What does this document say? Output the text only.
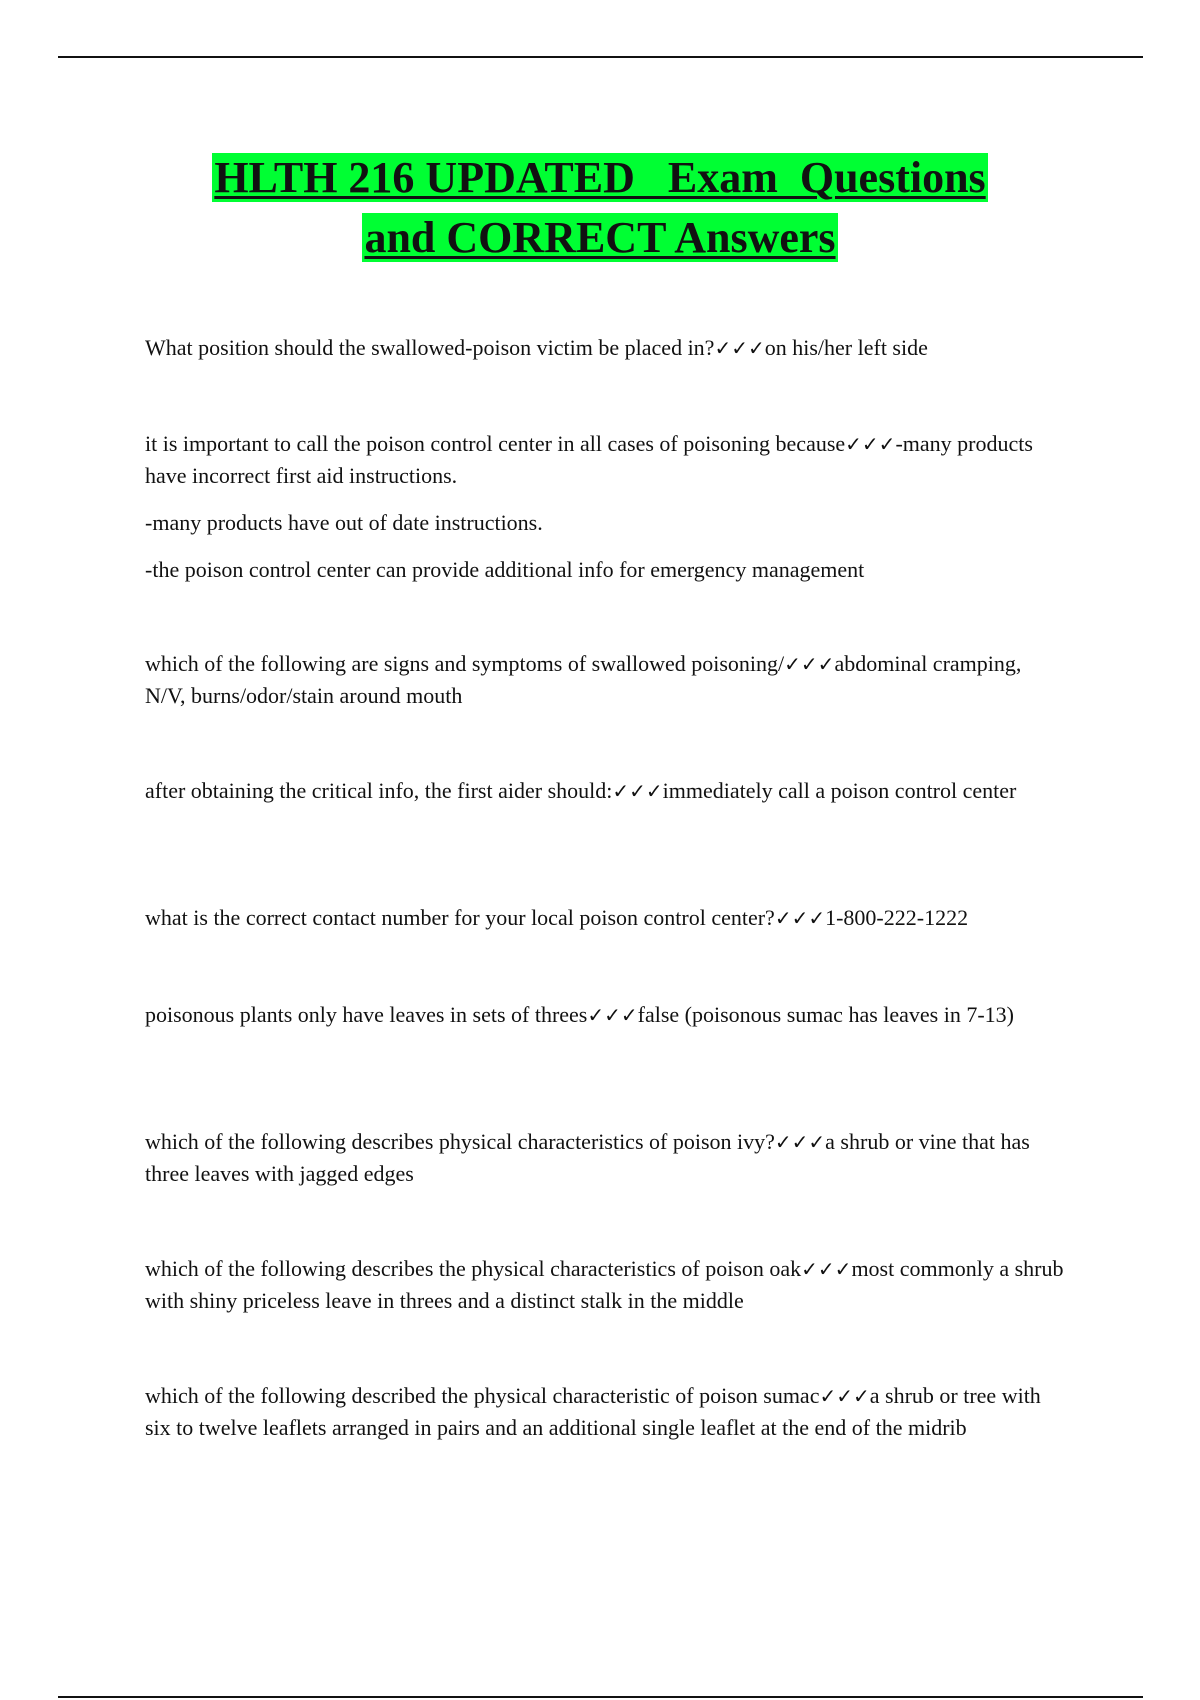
HLTH 216 UPDATED   Exam  Questions
and CORRECT Answers

What position should the swallowed-poison victim be placed in?✓✓✓on his/her left side

it is important to call the poison control center in all cases of poisoning because✓✓✓-many products have incorrect first aid instructions.

-many products have out of date instructions.

-the poison control center can provide additional info for emergency management

which of the following are signs and symptoms of swallowed poisoning/✓✓✓abdominal cramping, N/V, burns/odor/stain around mouth

after obtaining the critical info, the first aider should:✓✓✓immediately call a poison control center

what is the correct contact number for your local poison control center?✓✓✓1-800-222-1222

poisonous plants only have leaves in sets of threes✓✓✓false (poisonous sumac has leaves in 7-13)

which of the following describes physical characteristics of poison ivy?✓✓✓a shrub or vine that has three leaves with jagged edges

which of the following describes the physical characteristics of poison oak✓✓✓most commonly a shrub with shiny priceless leave in threes and a distinct stalk in the middle

which of the following described the physical characteristic of poison sumac✓✓✓a shrub or tree with six to twelve leaflets arranged in pairs and an additional single leaflet at the end of the midrib
